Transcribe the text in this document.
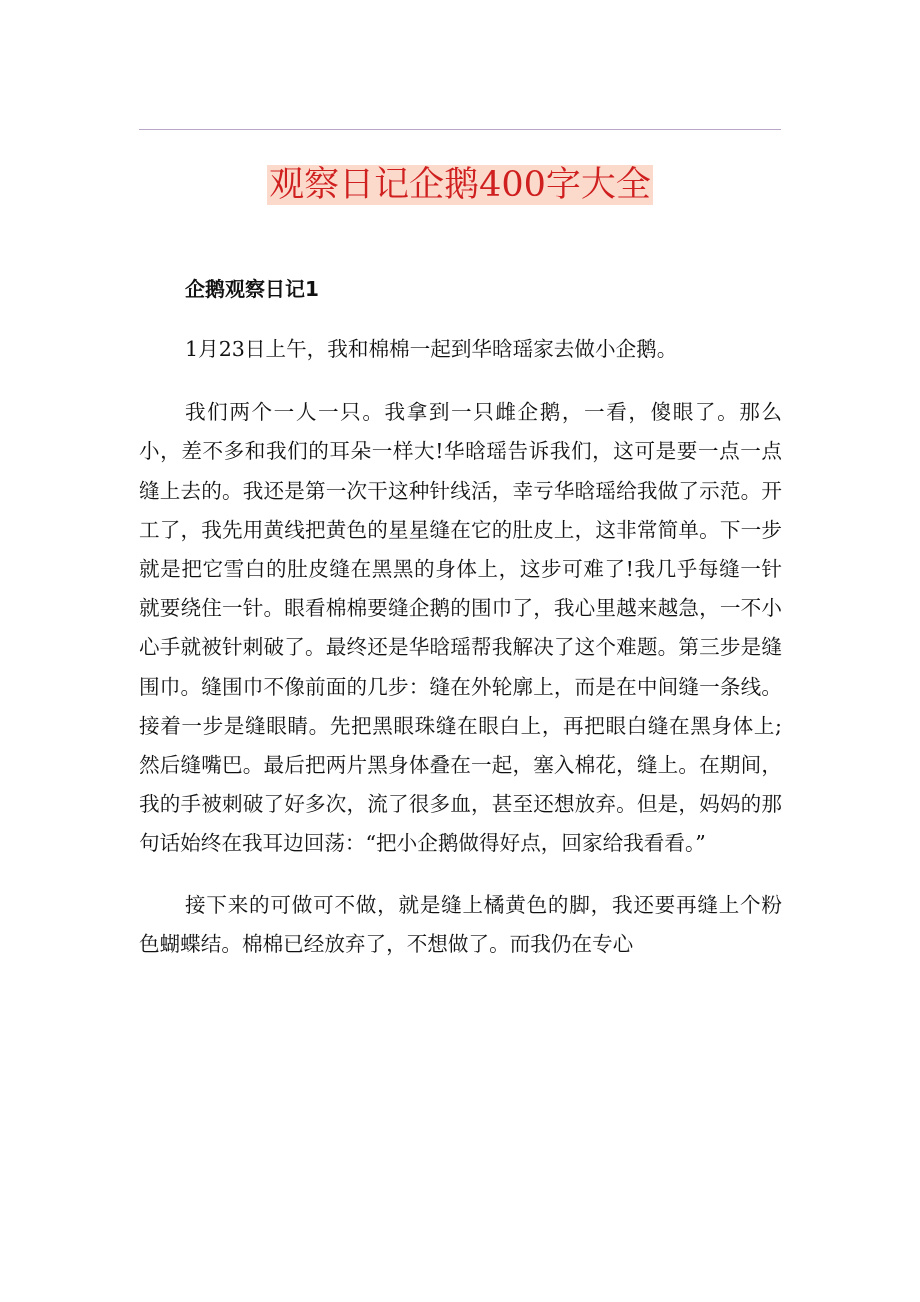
观察日记企鹅400字大全
企鹅观察日记1

1月23日上午，我和棉棉一起到华晗瑶家去做小企鹅。

我们两个一人一只。我拿到一只雌企鹅，一看，傻眼了。那么小，差不多和我们的耳朵一样大!华晗瑶告诉我们，这可是要一点一点缝上去的。我还是第一次干这种针线活，幸亏华晗瑶给我做了示范。开工了，我先用黄线把黄色的星星缝在它的肚皮上，这非常简单。下一步就是把它雪白的肚皮缝在黑黑的身体上，这步可难了!我几乎每缝一针就要绕住一针。眼看棉棉要缝企鹅的围巾了，我心里越来越急，一不小心手就被针刺破了。最终还是华晗瑶帮我解决了这个难题。第三步是缝围巾。缝围巾不像前面的几步：缝在外轮廓上，而是在中间缝一条线。接着一步是缝眼睛。先把黑眼珠缝在眼白上，再把眼白缝在黑身体上;然后缝嘴巴。最后把两片黑身体叠在一起，塞入棉花，缝上。在期间，我的手被刺破了好多次，流了很多血，甚至还想放弃。但是，妈妈的那句话始终在我耳边回荡：“把小企鹅做得好点，回家给我看看。”

接下来的可做可不做，就是缝上橘黄色的脚，我还要再缝上个粉色蝴蝶结。棉棉已经放弃了，不想做了。而我仍在专心
